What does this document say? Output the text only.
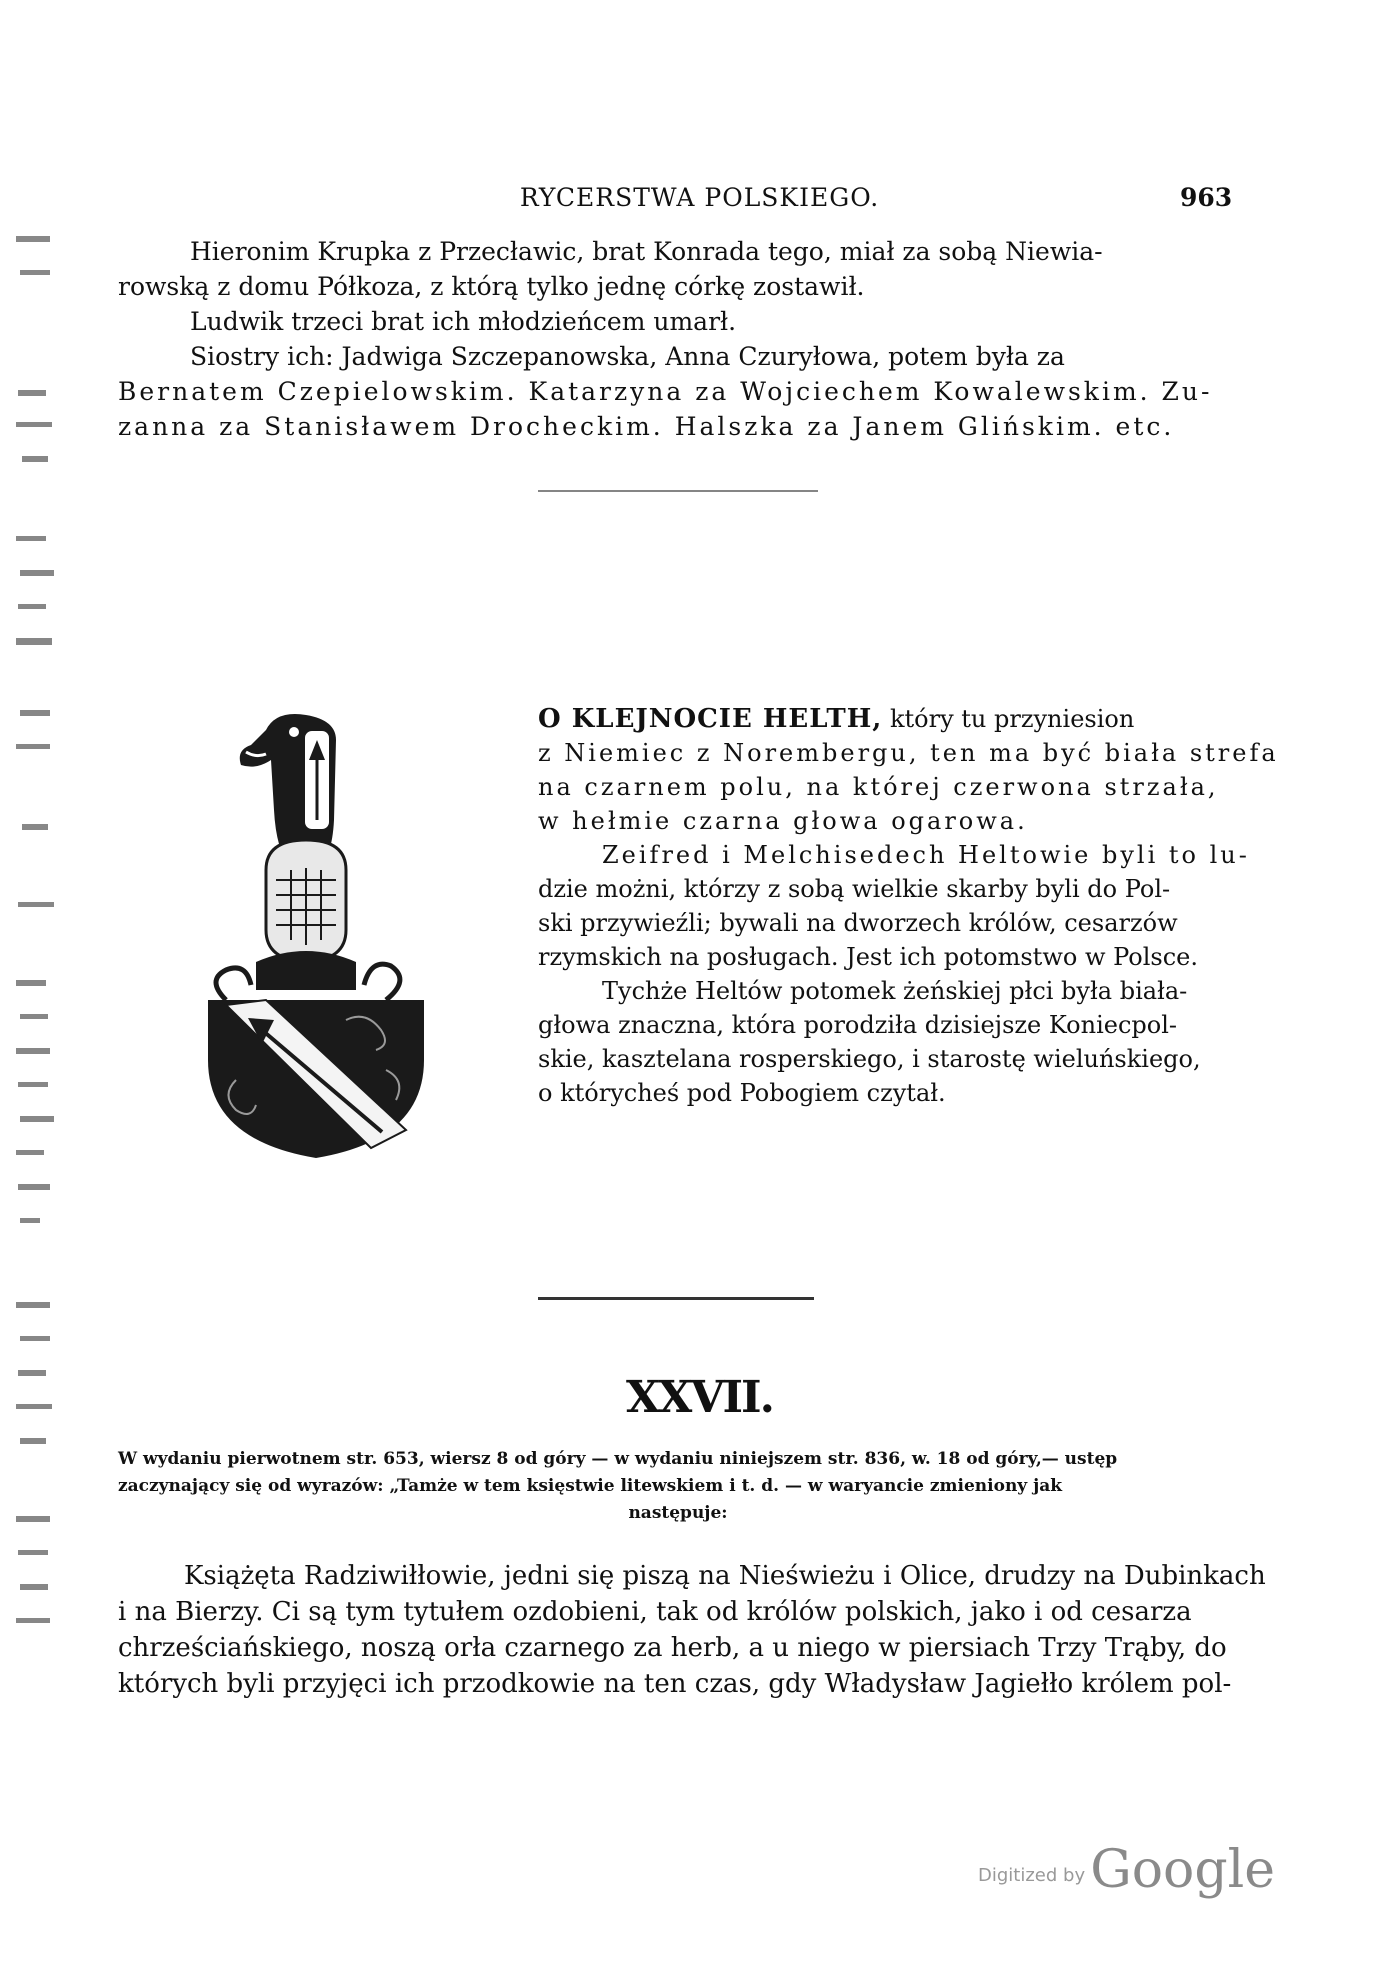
RYCERSTWA POLSKIEGO.	963
Hieronim Krupka z Przecławic, brat Konrada tego, miał za sobą Niewia-
rowską z domu Półkoza, z którą tylko jednę córkę zostawił.
Ludwik trzeci brat ich młodzieńcem umarł.
Siostry ich: Jadwiga Szczepanowska, Anna Czuryłowa, potem była za
Bernatem Czepielowskim. Katarzyna za Wojciechem Kowalewskim. Zu-
zanna za Stanisławem Drocheckim. Halszka za Janem Glińskim. etc.
O KLEJNOCIE HELTH, który tu przyniesion
z Niemiec z Norembergu, ten ma być biała strefa
na czarnem polu, na której czerwona strzała,
w hełmie czarna głowa ogarowa.
Zeifred i Melchisedech Heltowie byli to lu-
dzie możni, którzy z sobą wielkie skarby byli do Pol-
ski przywieźli; bywali na dworzech królów, cesarzów
rzymskich na posługach. Jest ich potomstwo w Polsce.
Tychże Heltów potomek żeńskiej płci była biała-
głowa znaczna, która porodziła dzisiejsze Koniecpol-
skie, kasztelana rosperskiego, i starostę wieluńskiego,
o którycheś pod Pobogiem czytał.
XXVII.
W wydaniu pierwotnem str. 653, wiersz 8 od góry — w wydaniu niniejszem str. 836, w. 18 od góry,— ustęp
zaczynający się od wyrazów: „Tamże w tem księstwie litewskiem i t. d. — w waryancie zmieniony jak
następuje:
Książęta Radziwiłłowie, jedni się piszą na Nieświeżu i Olice, drudzy na Dubinkach
i na Bierzy. Ci są tym tytułem ozdobieni, tak od królów polskich, jako i od cesarza
chrześciańskiego, noszą orła czarnego za herb, a u niego w piersiach Trzy Trąby, do
których byli przyjęci ich przodkowie na ten czas, gdy Władysław Jagiełło królem pol-
Digitized by Google
